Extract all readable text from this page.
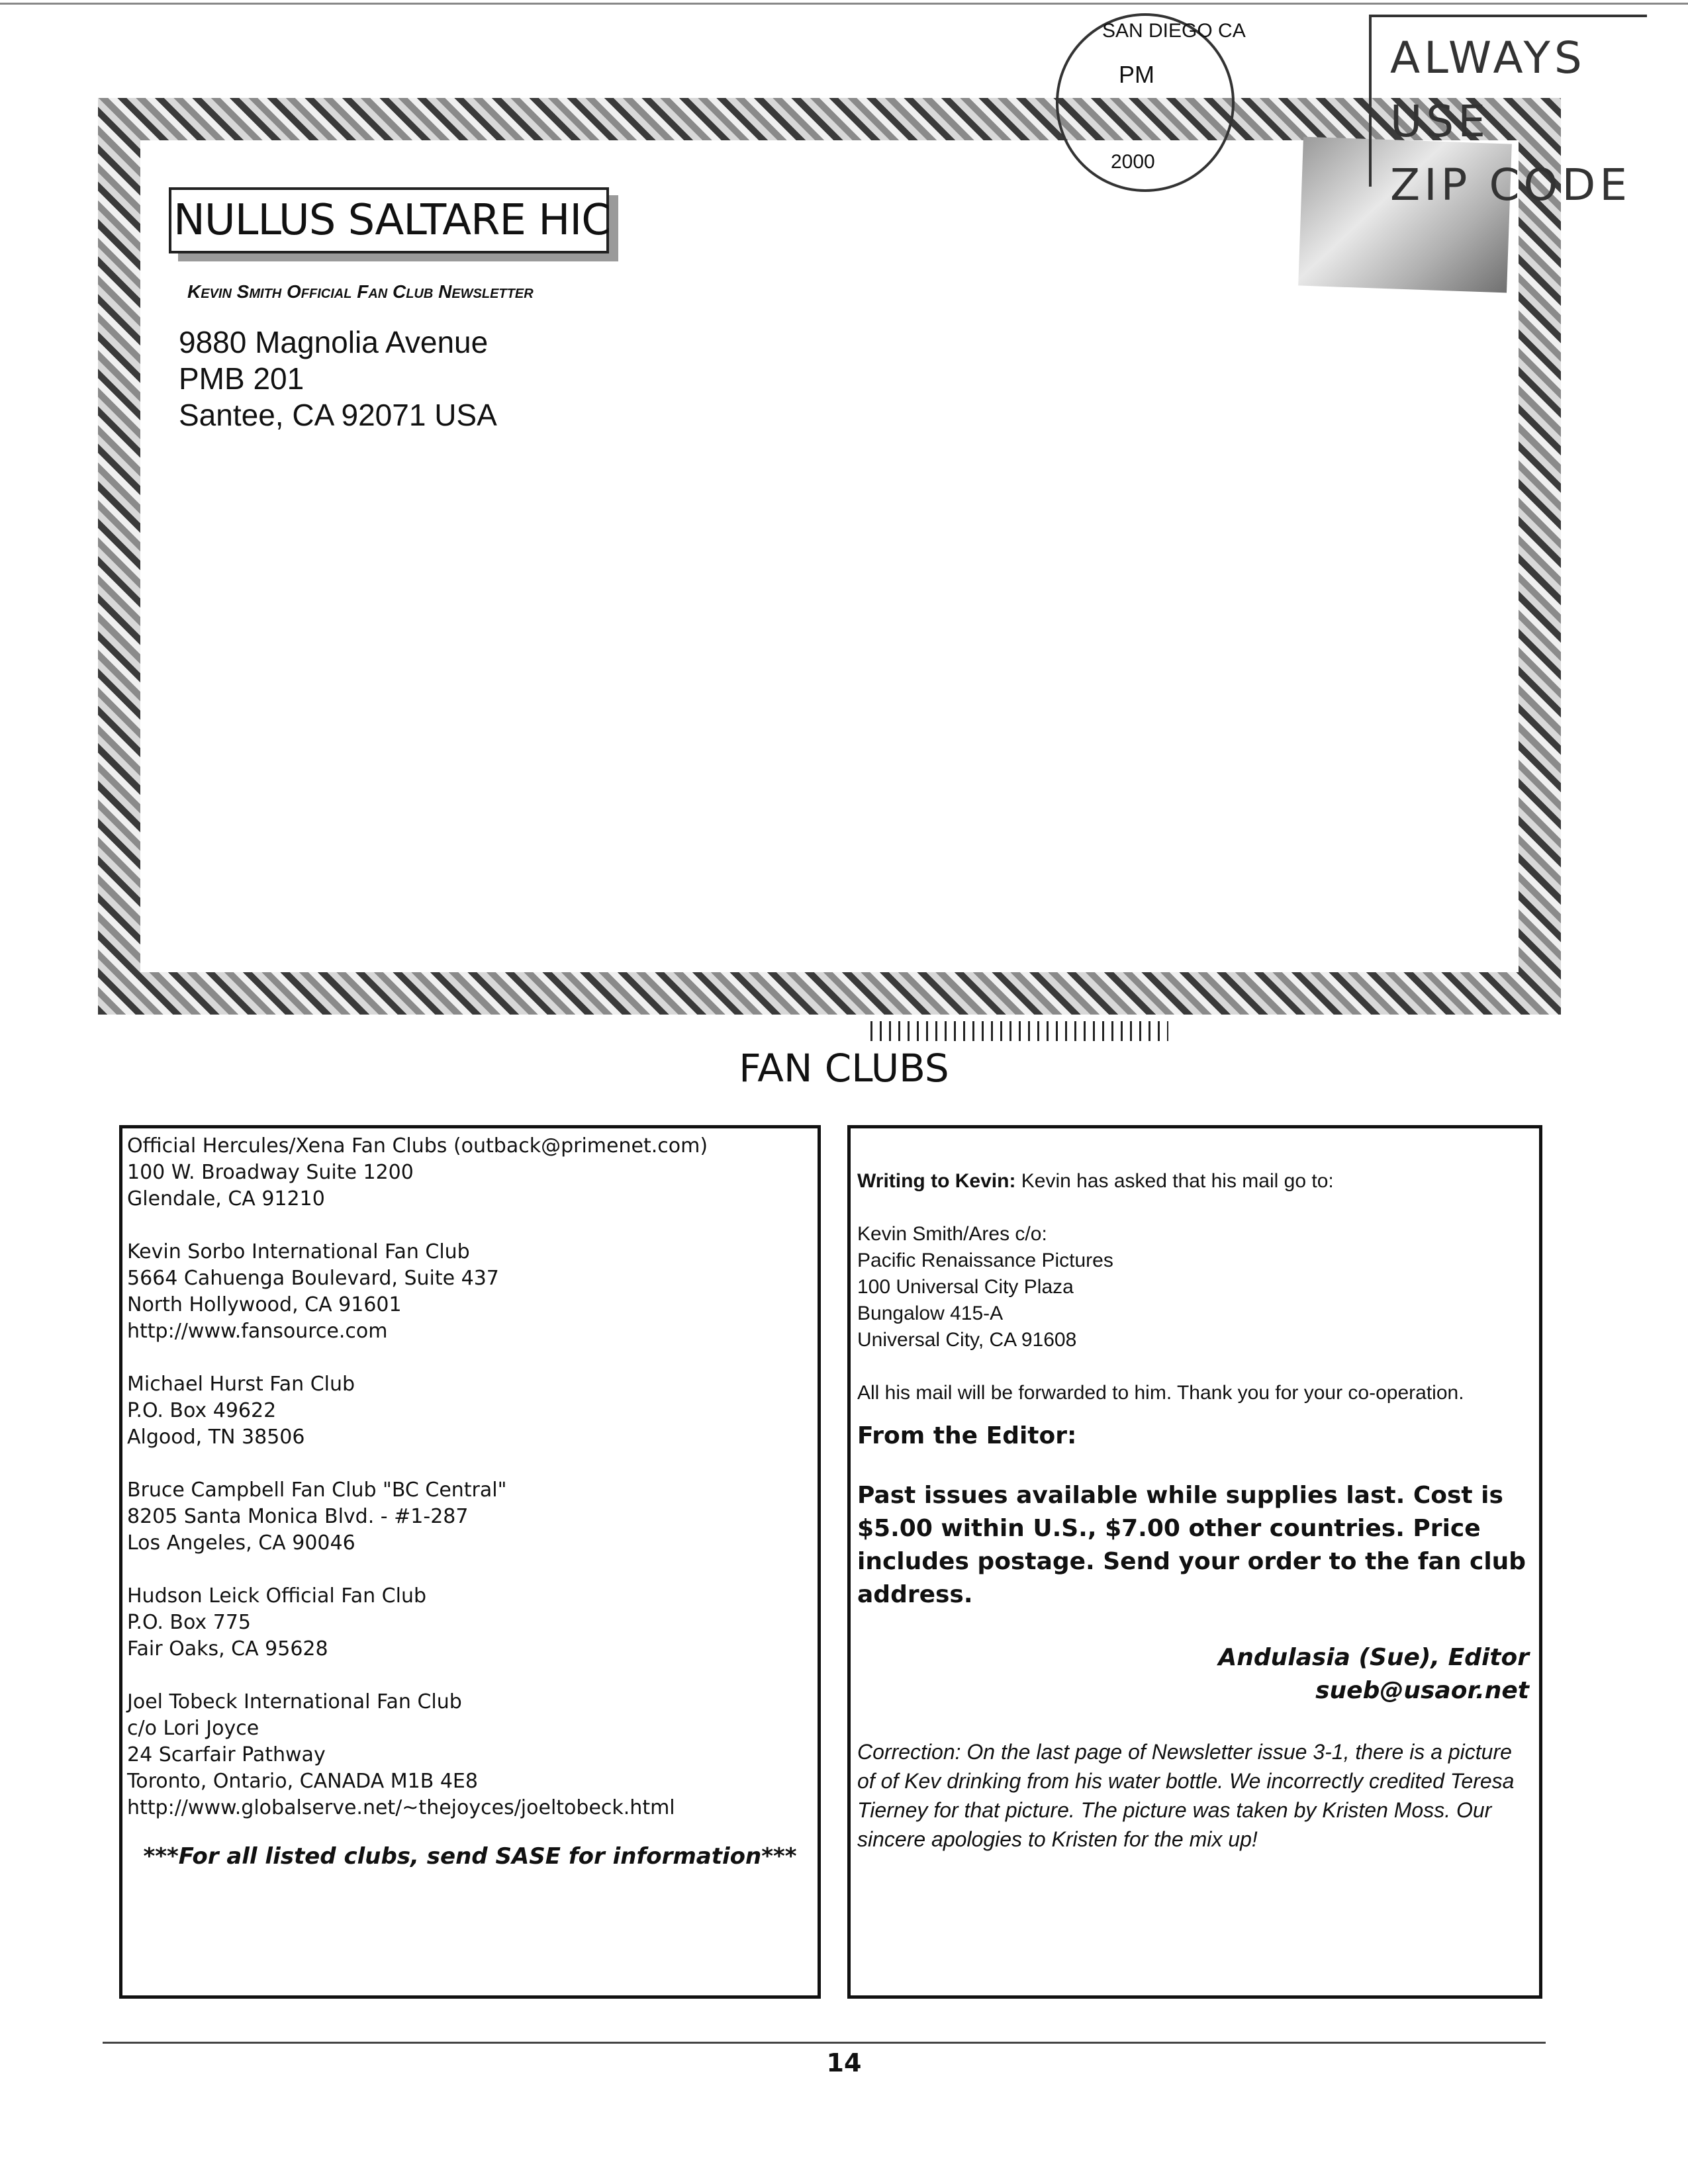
NULLUS SALTARE HIC
Kevin Smith Official Fan Club Newsletter
9880 Magnolia Avenue
PMB 201
Santee, CA 92071 USA
SAN DIEGO CA
PM
2000
ALWAYS
USE
ZIP CODE
FAN CLUBS
Official Hercules/Xena Fan Clubs (outback@primenet.com)
100 W. Broadway Suite 1200
Glendale, CA 91210
Kevin Sorbo International Fan Club
5664 Cahuenga Boulevard, Suite 437
North Hollywood, CA 91601
http://www.fansource.com
Michael Hurst Fan Club
P.O. Box 49622
Algood, TN 38506
Bruce Campbell Fan Club "BC Central"
8205 Santa Monica Blvd. - #1-287
Los Angeles, CA 90046
Hudson Leick Official Fan Club
P.O. Box 775
Fair Oaks, CA 95628
Joel Tobeck International Fan Club
c/o Lori Joyce
24 Scarfair Pathway
Toronto, Ontario, CANADA M1B 4E8
http://www.globalserve.net/~thejoyces/joeltobeck.html
***For all listed clubs, send SASE for information***

Writing to Kevin: Kevin has asked that his mail go to:

Kevin Smith/Ares c/o:

Pacific Renaissance Pictures

100 Universal City Plaza

Bungalow 415-A

Universal City, CA 91608

All his mail will be forwarded to him. Thank you for your co-operation.

From the Editor:
Past issues available while supplies last. Cost is $5.00 within U.S., $7.00 other countries. Price includes postage. Send your order to the fan club address.
Andulasia (Sue), Editor
sueb@usaor.net
Correction: On the last page of Newsletter issue 3-1, there is a picture of of Kev drinking from his water bottle. We incorrectly credited Teresa Tierney for that picture. The picture was taken by Kristen Moss. Our sincere apologies to Kristen for the mix up!
14
